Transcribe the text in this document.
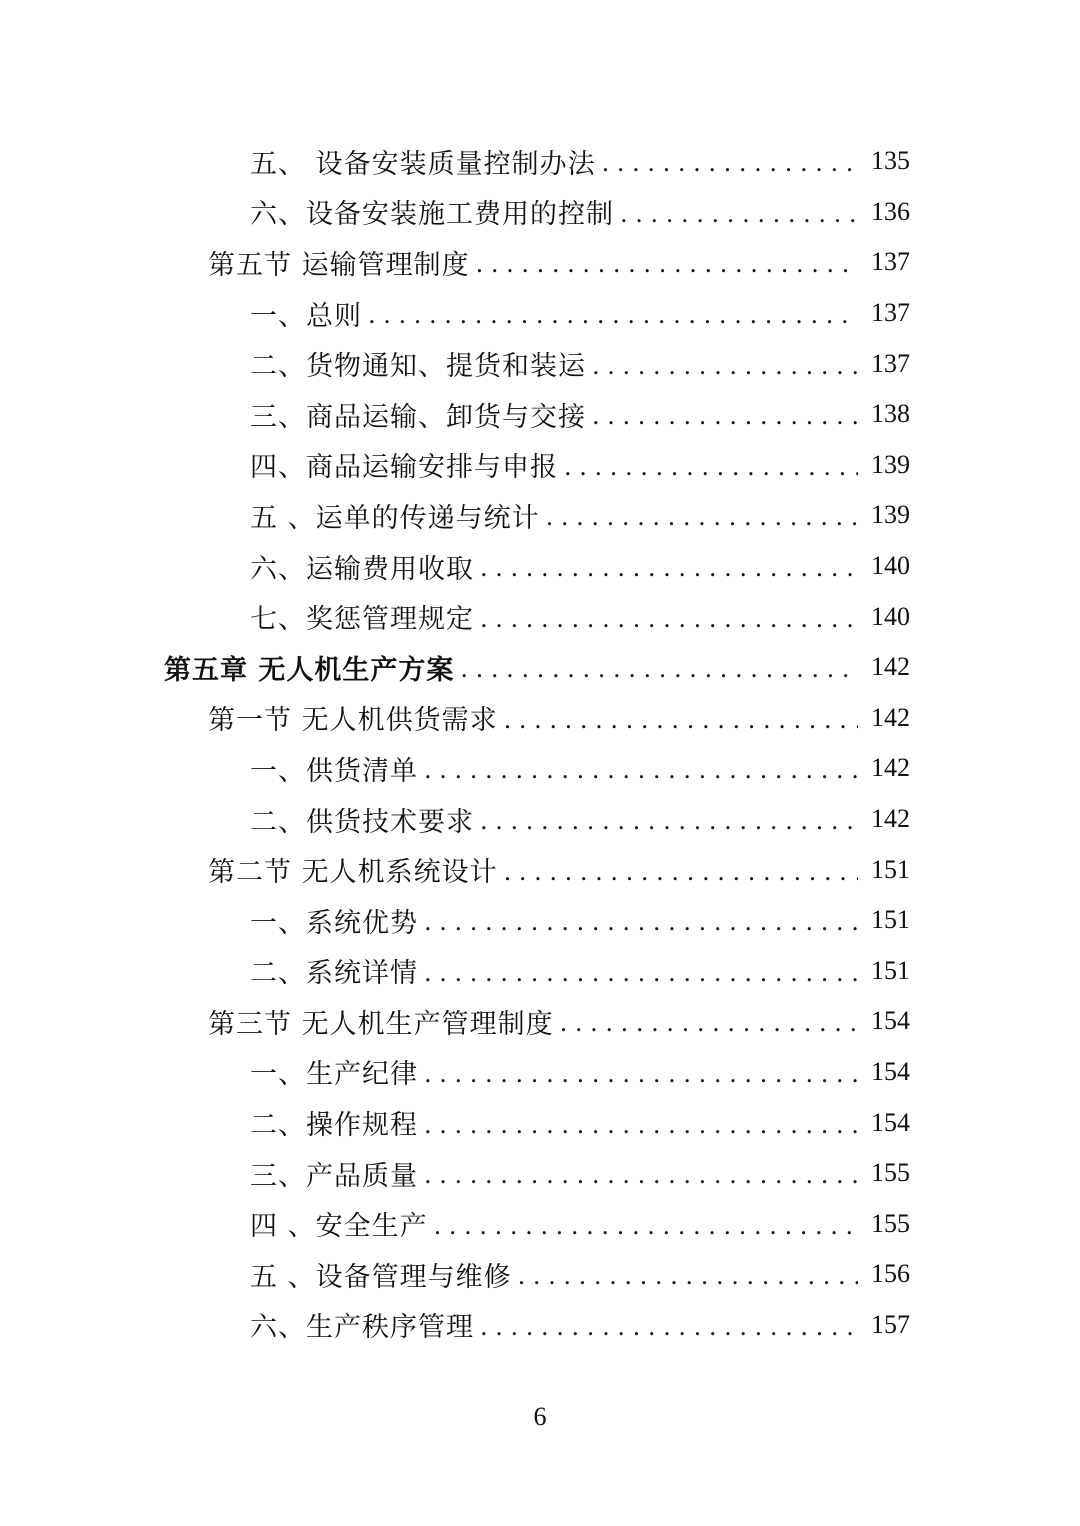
五、 设备安装质量控制办法 . . .	135
六、设备安装施工费用的控制 . . .	136
第五节 运输管理制度 . . .	137
一、总则 . . .	137
二、货物通知、提货和装运 . . .	137
三、商品运输、卸货与交接 . . .	138
四、商品运输安排与申报 . . .	139
五 、运单的传递与统计 . . .	139
六、运输费用收取 . . .	140
七、奖惩管理规定 . . .	140
第五章 无人机生产方案 . . .	142
第一节 无人机供货需求 . . .	142
一、供货清单 . . .	142
二、供货技术要求 . . .	142
第二节 无人机系统设计 . . .	151
一、系统优势 . . .	151
二、系统详情 . . .	151
第三节 无人机生产管理制度 . . .	154
一、生产纪律 . . .	154
二、操作规程 . . .	154
三、产品质量 . . .	155
四 、安全生产 . . .	155
五 、设备管理与维修 . . .	156
六、生产秩序管理 . . .	157
6
